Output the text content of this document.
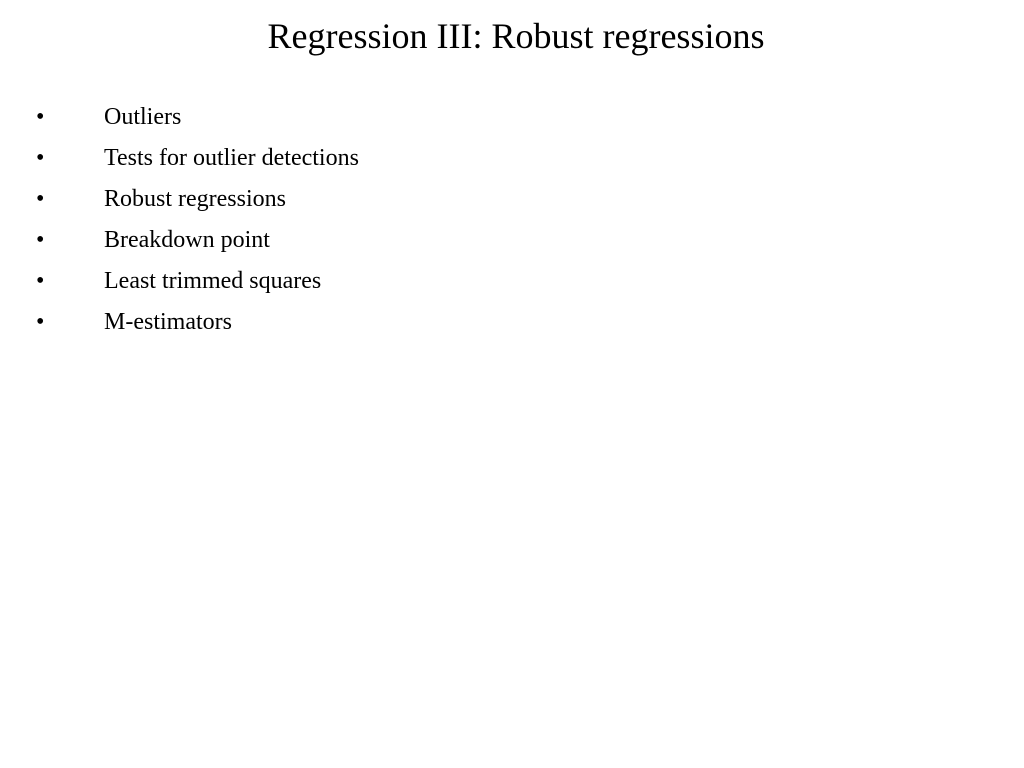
Regression III: Robust regressions
• Outliers
• Tests for outlier detections
• Robust regressions
• Breakdown point
• Least trimmed squares
• M-estimators
